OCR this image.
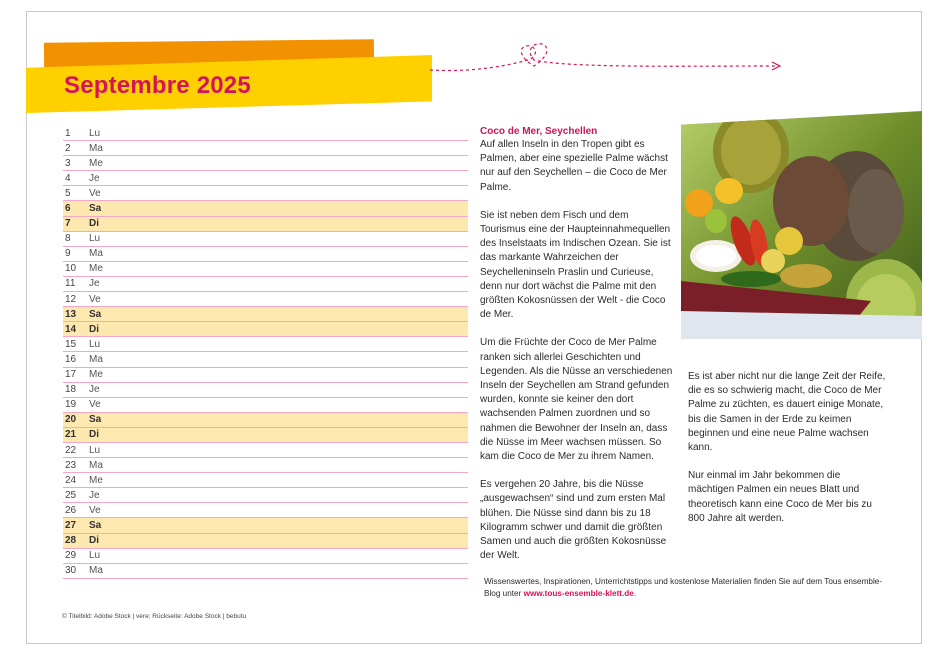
Septembre 2025
1	Lu
2	Ma
3	Me
4	Je
5	Ve
6	Sa
7	Di
8	Lu
9	Ma
10	Me
11	Je
12	Ve
13	Sa
14	Di
15	Lu
16	Ma
17	Me
18	Je
19	Ve
20	Sa
21	Di
22	Lu
23	Ma
24	Me
25	Je
26	Ve
27	Sa
28	Di
29	Lu
30	Ma
Coco de Mer, Seychellen

Auf allen Inseln in den Tropen gibt es Palmen, aber eine spezielle Palme wächst nur auf den Seychellen – die Coco de Mer Palme.

Sie ist neben dem Fisch und dem Tourismus eine der Haupteinnahmequellen des Inselstaats im Indischen Ozean. Sie ist das markante Wahrzeichen der Seychelleninseln Praslin und Curieuse, denn nur dort wächst die Palme mit den größten Kokosnüssen der Welt - die Coco de Mer.

Um die Früchte der Coco de Mer Palme ranken sich allerlei Geschichten und Legenden. Als die Nüsse an verschiedenen Inseln der Seychellen am Strand gefunden wurden, konnte sie keiner den dort wachsenden Palmen zuordnen und so nahmen die Bewohner der Inseln an, dass die Nüsse im Meer wachsen müssen. So kam die Coco de Mer zu ihrem Namen.

Es vergehen 20 Jahre, bis die Nüsse „ausgewachsen“ sind und zum ersten Mal blühen. Die Nüsse sind dann bis zu 18 Kilogramm schwer und damit die größten Samen und auch die größten Kokosnüsse der Welt.

Es ist aber nicht nur die lange Zeit der Reife, die es so schwierig macht, die Coco de Mer Palme zu züchten, es dauert einige Monate, bis die Samen in der Erde zu keimen beginnen und eine neue Palme wachsen kann.

Nur einmal im Jahr bekommen die mächtigen Palmen ein neues Blatt und theoretisch kann eine Coco de Mer bis zu 800 Jahre alt werden.

Wissenswertes, Inspirationen, Unterrichtstipps und kostenlose Materialien finden Sie auf dem Tous ensemble-Blog unter www.tous-ensemble-klett.de.
© Titelbild: Adobe Stock | vere; Rückseite: Adobe Stock | bebutu
